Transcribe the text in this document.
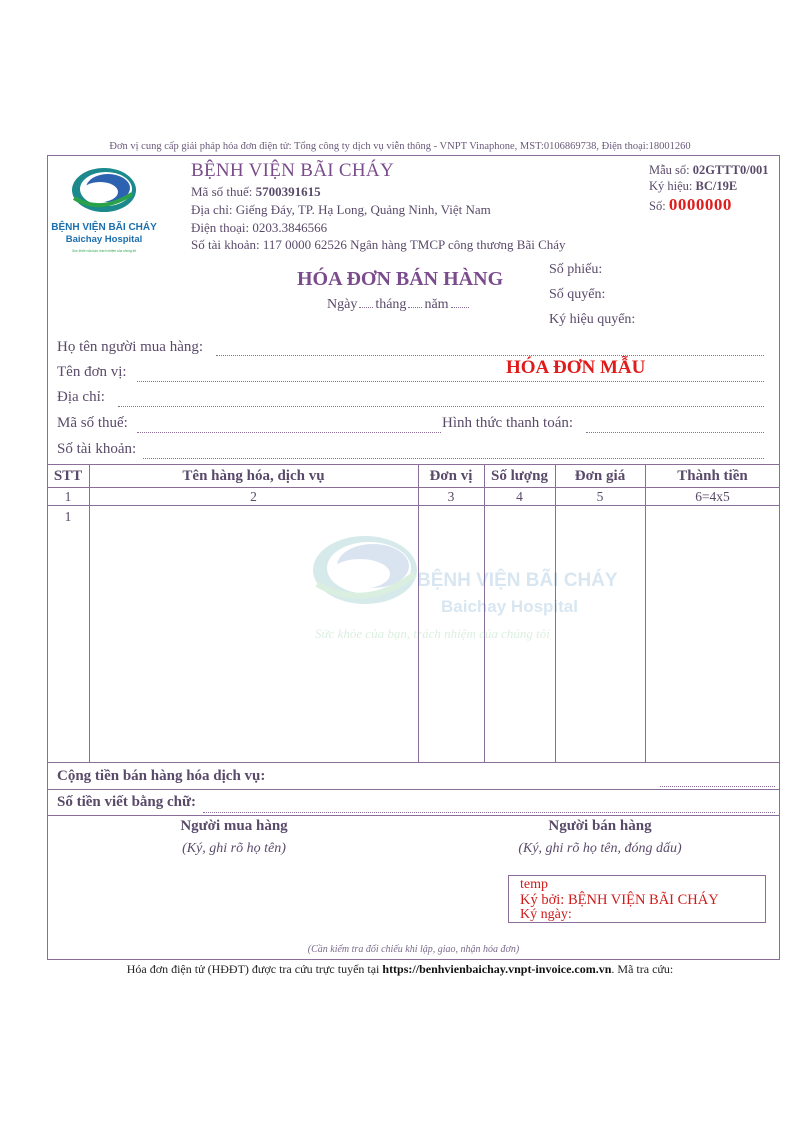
Đơn vị cung cấp giải pháp hóa đơn điện tử: Tổng công ty dịch vụ viễn thông - VNPT Vinaphone, MST:0106869738, Điện thoại:18001260
BỆNH VIỆN BÃI CHÁY
Baichay Hospital
Sức khỏe của bạn, trách nhiệm của chúng tôi
BỆNH VIỆN BÃI CHÁY
Mã số thuế: 5700391615
Địa chỉ: Giếng Đáy, TP. Hạ Long, Quảng Ninh, Việt Nam
Điện thoại: 0203.3846566
Số tài khoản: 117 0000 62526 Ngân hàng TMCP công thương Bãi Cháy
Mẫu số: 02GTTT0/001
Ký hiệu: BC/19E
Số: 0000000
HÓA ĐƠN BÁN HÀNG
Ngày tháng năm
Số phiếu:
Số quyển:
Ký hiệu quyển:
Họ tên người mua hàng:
Tên đơn vị:	HÓA ĐƠN MẪU
Địa chỉ:
Mã số thuế:	Hình thức thanh toán:
Số tài khoản:
STT	Tên hàng hóa, dịch vụ	Đơn vị	Số lượng	Đơn giá	Thành tiền
1	2	3	4	5	6=4x5
1
BỆNH VIỆN BÃI CHÁY
Baichay Hospital
Sức khỏe của bạn, trách nhiệm của chúng tôi
Cộng tiền bán hàng hóa dịch vụ:
Số tiền viết bằng chữ:
Người mua hàng
(Ký, ghi rõ họ tên)
Người bán hàng
(Ký, ghi rõ họ tên, đóng dấu)
temp
Ký bởi: BỆNH VIỆN BÃI CHÁY
Ký ngày:
(Cần kiểm tra đối chiếu khi lập, giao, nhận hóa đơn)
Hóa đơn điện tử (HĐĐT) được tra cứu trực tuyến tại https://benhvienbaichay.vnpt-invoice.com.vn. Mã tra cứu:
